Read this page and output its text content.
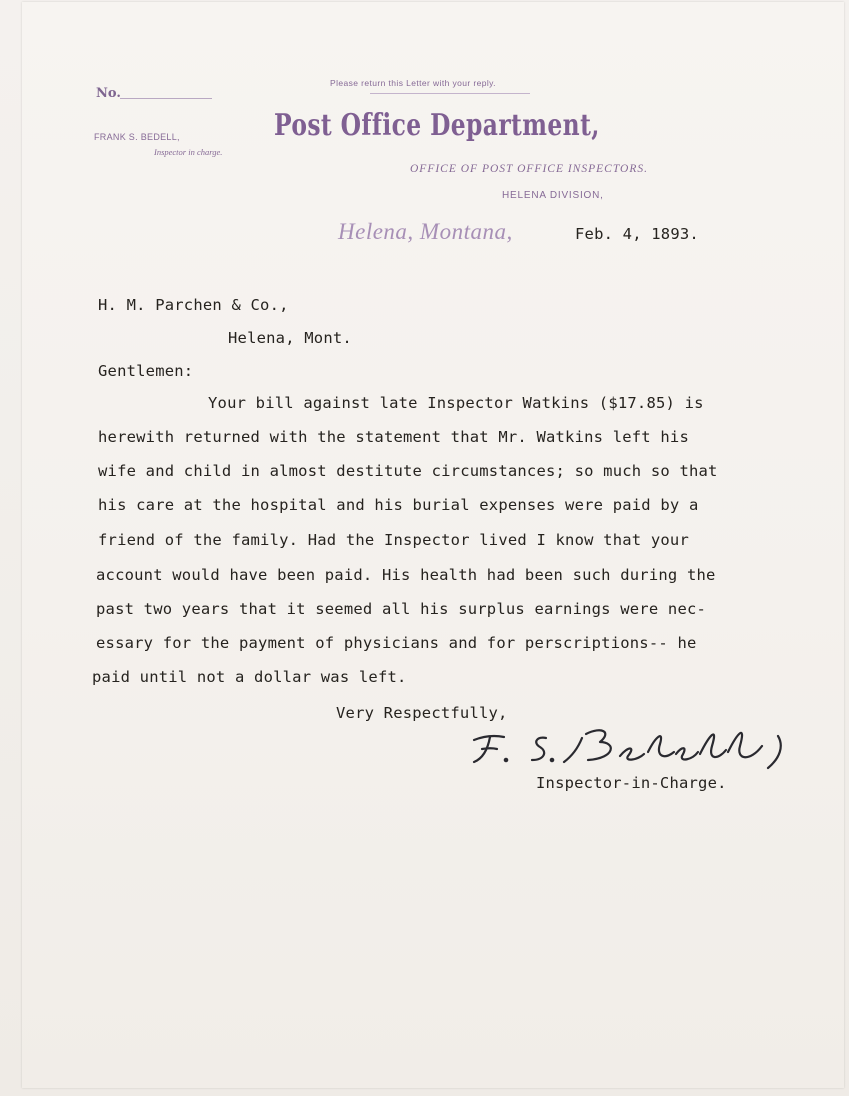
No.
Please return this Letter with your reply.
FRANK S. BEDELL,
Inspector in charge.
Post Office Department,
OFFICE OF POST OFFICE INSPECTORS.
HELENA DIVISION,
Helena, Montana,	Feb. 4, 1893.
H. M. Parchen & Co.,
Helena, Mont.
Gentlemen:
Your bill against late Inspector Watkins ($17.85) is
herewith returned with the statement that Mr. Watkins left his
wife and child in almost destitute circumstances; so much so that
his care at the hospital and his burial expenses were paid by a
friend of the family. Had the Inspector lived I know that your
account would have been paid. His health had been such during the
past two years that it seemed all his surplus earnings were nec-
essary for the payment of physicians and for perscriptions-- he
paid until not a dollar was left.
Very Respectfully,
Inspector-in-Charge.
